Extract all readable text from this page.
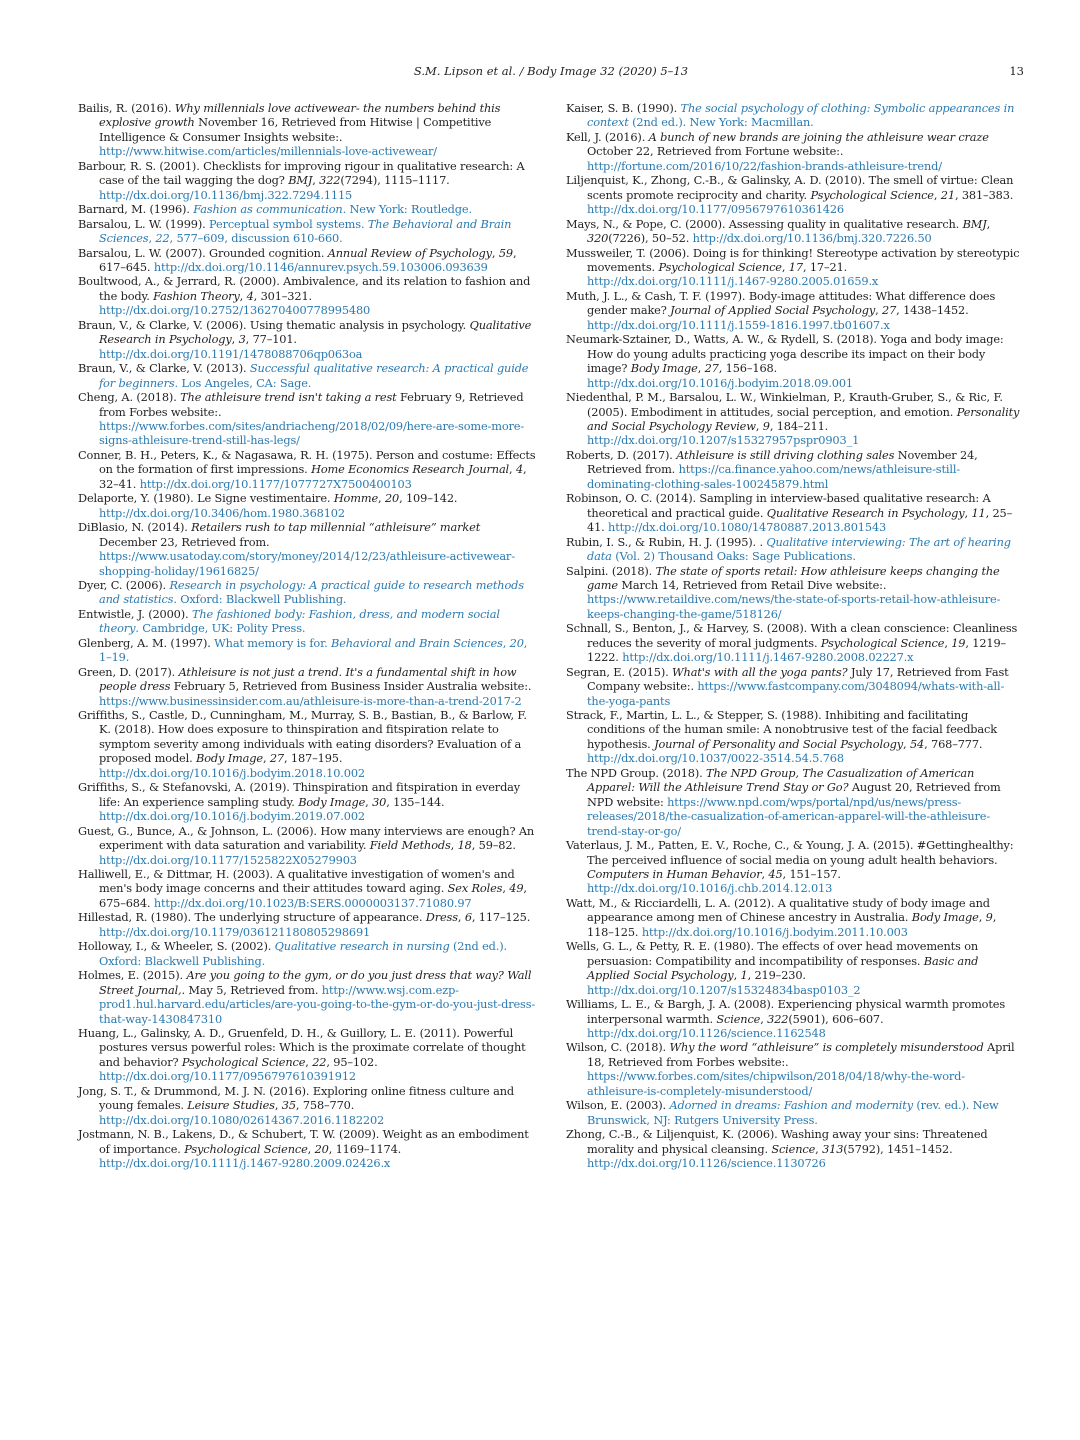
S.M. Lipson et al. / Body Image 32 (2020) 5–13	13

Bailis, R. (2016). Why millennials love activewear- the numbers behind this explosive growth November 16, Retrieved from Hitwise | Competitive Intelligence & Consumer Insights website:. http://www.hitwise.com/articles/millennials-love-activewear/

Barbour, R. S. (2001). Checklists for improving rigour in qualitative research: A case of the tail wagging the dog? BMJ, 322(7294), 1115–1117. http://dx.doi.org/10.1136/bmj.322.7294.1115

Barnard, M. (1996). Fashion as communication. New York: Routledge.

Barsalou, L. W. (1999). Perceptual symbol systems. The Behavioral and Brain Sciences, 22, 577–609, discussion 610-660.

Barsalou, L. W. (2007). Grounded cognition. Annual Review of Psychology, 59, 617–645. http://dx.doi.org/10.1146/annurev.psych.59.103006.093639

Boultwood, A., & Jerrard, R. (2000). Ambivalence, and its relation to fashion and the body. Fashion Theory, 4, 301–321. http://dx.doi.org/10.2752/136270400778995480

Braun, V., & Clarke, V. (2006). Using thematic analysis in psychology. Qualitative Research in Psychology, 3, 77–101. http://dx.doi.org/10.1191/1478088706qp063oa

Braun, V., & Clarke, V. (2013). Successful qualitative research: A practical guide for beginners. Los Angeles, CA: Sage.

Cheng, A. (2018). The athleisure trend isn't taking a rest February 9, Retrieved from Forbes website:. https://www.forbes.com/sites/andriacheng/2018/02/09/here-are-some-more-signs-athleisure-trend-still-has-legs/

Conner, B. H., Peters, K., & Nagasawa, R. H. (1975). Person and costume: Effects on the formation of first impressions. Home Economics Research Journal, 4, 32–41. http://dx.doi.org/10.1177/1077727X7500400103

Delaporte, Y. (1980). Le Signe vestimentaire. Homme, 20, 109–142. http://dx.doi.org/10.3406/hom.1980.368102

DiBlasio, N. (2014). Retailers rush to tap millennial “athleisure” market December 23, Retrieved from. https://www.usatoday.com/story/money/2014/12/23/athleisure-activewear-shopping-holiday/19616825/

Dyer, C. (2006). Research in psychology: A practical guide to research methods and statistics. Oxford: Blackwell Publishing.

Entwistle, J. (2000). The fashioned body: Fashion, dress, and modern social theory. Cambridge, UK: Polity Press.

Glenberg, A. M. (1997). What memory is for. Behavioral and Brain Sciences, 20, 1–19.

Green, D. (2017). Athleisure is not just a trend. It's a fundamental shift in how people dress February 5, Retrieved from Business Insider Australia website:. https://www.businessinsider.com.au/athleisure-is-more-than-a-trend-2017-2

Griffiths, S., Castle, D., Cunningham, M., Murray, S. B., Bastian, B., & Barlow, F. K. (2018). How does exposure to thinspiration and fitspiration relate to symptom severity among individuals with eating disorders? Evaluation of a proposed model. Body Image, 27, 187–195. http://dx.doi.org/10.1016/j.bodyim.2018.10.002

Griffiths, S., & Stefanovski, A. (2019). Thinspiration and fitspiration in everday life: An experience sampling study. Body Image, 30, 135–144. http://dx.doi.org/10.1016/j.bodyim.2019.07.002

Guest, G., Bunce, A., & Johnson, L. (2006). How many interviews are enough? An experiment with data saturation and variability. Field Methods, 18, 59–82. http://dx.doi.org/10.1177/1525822X05279903

Halliwell, E., & Dittmar, H. (2003). A qualitative investigation of women's and men's body image concerns and their attitudes toward aging. Sex Roles, 49, 675–684. http://dx.doi.org/10.1023/B:SERS.0000003137.71080.97

Hillestad, R. (1980). The underlying structure of appearance. Dress, 6, 117–125. http://dx.doi.org/10.1179/036121180805298691

Holloway, I., & Wheeler, S. (2002). Qualitative research in nursing (2nd ed.). Oxford: Blackwell Publishing.

Holmes, E. (2015). Are you going to the gym, or do you just dress that way? Wall Street Journal,. May 5, Retrieved from. http://www.wsj.com.ezp-prod1.hul.harvard.edu/articles/are-you-going-to-the-gym-or-do-you-just-dress-that-way-1430847310

Huang, L., Galinsky, A. D., Gruenfeld, D. H., & Guillory, L. E. (2011). Powerful postures versus powerful roles: Which is the proximate correlate of thought and behavior? Psychological Science, 22, 95–102. http://dx.doi.org/10.1177/0956797610391912

Jong, S. T., & Drummond, M. J. N. (2016). Exploring online fitness culture and young females. Leisure Studies, 35, 758–770. http://dx.doi.org/10.1080/02614367.2016.1182202

Jostmann, N. B., Lakens, D., & Schubert, T. W. (2009). Weight as an embodiment of importance. Psychological Science, 20, 1169–1174. http://dx.doi.org/10.1111/j.1467-9280.2009.02426.x

Kaiser, S. B. (1990). The social psychology of clothing: Symbolic appearances in context (2nd ed.). New York: Macmillan.

Kell, J. (2016). A bunch of new brands are joining the athleisure wear craze October 22, Retrieved from Fortune website:. http://fortune.com/2016/10/22/fashion-brands-athleisure-trend/

Liljenquist, K., Zhong, C.-B., & Galinsky, A. D. (2010). The smell of virtue: Clean scents promote reciprocity and charity. Psychological Science, 21, 381–383. http://dx.doi.org/10.1177/0956797610361426

Mays, N., & Pope, C. (2000). Assessing quality in qualitative research. BMJ, 320(7226), 50–52. http://dx.doi.org/10.1136/bmj.320.7226.50

Mussweiler, T. (2006). Doing is for thinking! Stereotype activation by stereotypic movements. Psychological Science, 17, 17–21. http://dx.doi.org/10.1111/j.1467-9280.2005.01659.x

Muth, J. L., & Cash, T. F. (1997). Body-image attitudes: What difference does gender make? Journal of Applied Social Psychology, 27, 1438–1452. http://dx.doi.org/10.1111/j.1559-1816.1997.tb01607.x

Neumark-Sztainer, D., Watts, A. W., & Rydell, S. (2018). Yoga and body image: How do young adults practicing yoga describe its impact on their body image? Body Image, 27, 156–168. http://dx.doi.org/10.1016/j.bodyim.2018.09.001

Niedenthal, P. M., Barsalou, L. W., Winkielman, P., Krauth-Gruber, S., & Ric, F. (2005). Embodiment in attitudes, social perception, and emotion. Personality and Social Psychology Review, 9, 184–211. http://dx.doi.org/10.1207/s15327957pspr0903_1

Roberts, D. (2017). Athleisure is still driving clothing sales November 24, Retrieved from. https://ca.finance.yahoo.com/news/athleisure-still-dominating-clothing-sales-100245879.html

Robinson, O. C. (2014). Sampling in interview-based qualitative research: A theoretical and practical guide. Qualitative Research in Psychology, 11, 25–41. http://dx.doi.org/10.1080/14780887.2013.801543

Rubin, I. S., & Rubin, H. J. (1995). . Qualitative interviewing: The art of hearing data (Vol. 2) Thousand Oaks: Sage Publications.

Salpini. (2018). The state of sports retail: How athleisure keeps changing the game March 14, Retrieved from Retail Dive website:. https://www.retaildive.com/news/the-state-of-sports-retail-how-athleisure-keeps-changing-the-game/518126/

Schnall, S., Benton, J., & Harvey, S. (2008). With a clean conscience: Cleanliness reduces the severity of moral judgments. Psychological Science, 19, 1219–1222. http://dx.doi.org/10.1111/j.1467-9280.2008.02227.x

Segran, E. (2015). What's with all the yoga pants? July 17, Retrieved from Fast Company website:. https://www.fastcompany.com/3048094/whats-with-all-the-yoga-pants

Strack, F., Martin, L. L., & Stepper, S. (1988). Inhibiting and facilitating conditions of the human smile: A nonobtrusive test of the facial feedback hypothesis. Journal of Personality and Social Psychology, 54, 768–777. http://dx.doi.org/10.1037/0022-3514.54.5.768

The NPD Group. (2018). The NPD Group, The Casualization of American Apparel: Will the Athleisure Trend Stay or Go? August 20, Retrieved from NPD website: https://www.npd.com/wps/portal/npd/us/news/press-releases/2018/the-casualization-of-american-apparel-will-the-athleisure-trend-stay-or-go/

Vaterlaus, J. M., Patten, E. V., Roche, C., & Young, J. A. (2015). #Gettinghealthy: The perceived influence of social media on young adult health behaviors. Computers in Human Behavior, 45, 151–157. http://dx.doi.org/10.1016/j.chb.2014.12.013

Watt, M., & Ricciardelli, L. A. (2012). A qualitative study of body image and appearance among men of Chinese ancestry in Australia. Body Image, 9, 118–125. http://dx.doi.org/10.1016/j.bodyim.2011.10.003

Wells, G. L., & Petty, R. E. (1980). The effects of over head movements on persuasion: Compatibility and incompatibility of responses. Basic and Applied Social Psychology, 1, 219–230. http://dx.doi.org/10.1207/s15324834basp0103_2

Williams, L. E., & Bargh, J. A. (2008). Experiencing physical warmth promotes interpersonal warmth. Science, 322(5901), 606–607. http://dx.doi.org/10.1126/science.1162548

Wilson, C. (2018). Why the word “athleisure” is completely misunderstood April 18, Retrieved from Forbes website:. https://www.forbes.com/sites/chipwilson/2018/04/18/why-the-word-athleisure-is-completely-misunderstood/

Wilson, E. (2003). Adorned in dreams: Fashion and modernity (rev. ed.). New Brunswick, NJ: Rutgers University Press.

Zhong, C.-B., & Liljenquist, K. (2006). Washing away your sins: Threatened morality and physical cleansing. Science, 313(5792), 1451–1452. http://dx.doi.org/10.1126/science.1130726
